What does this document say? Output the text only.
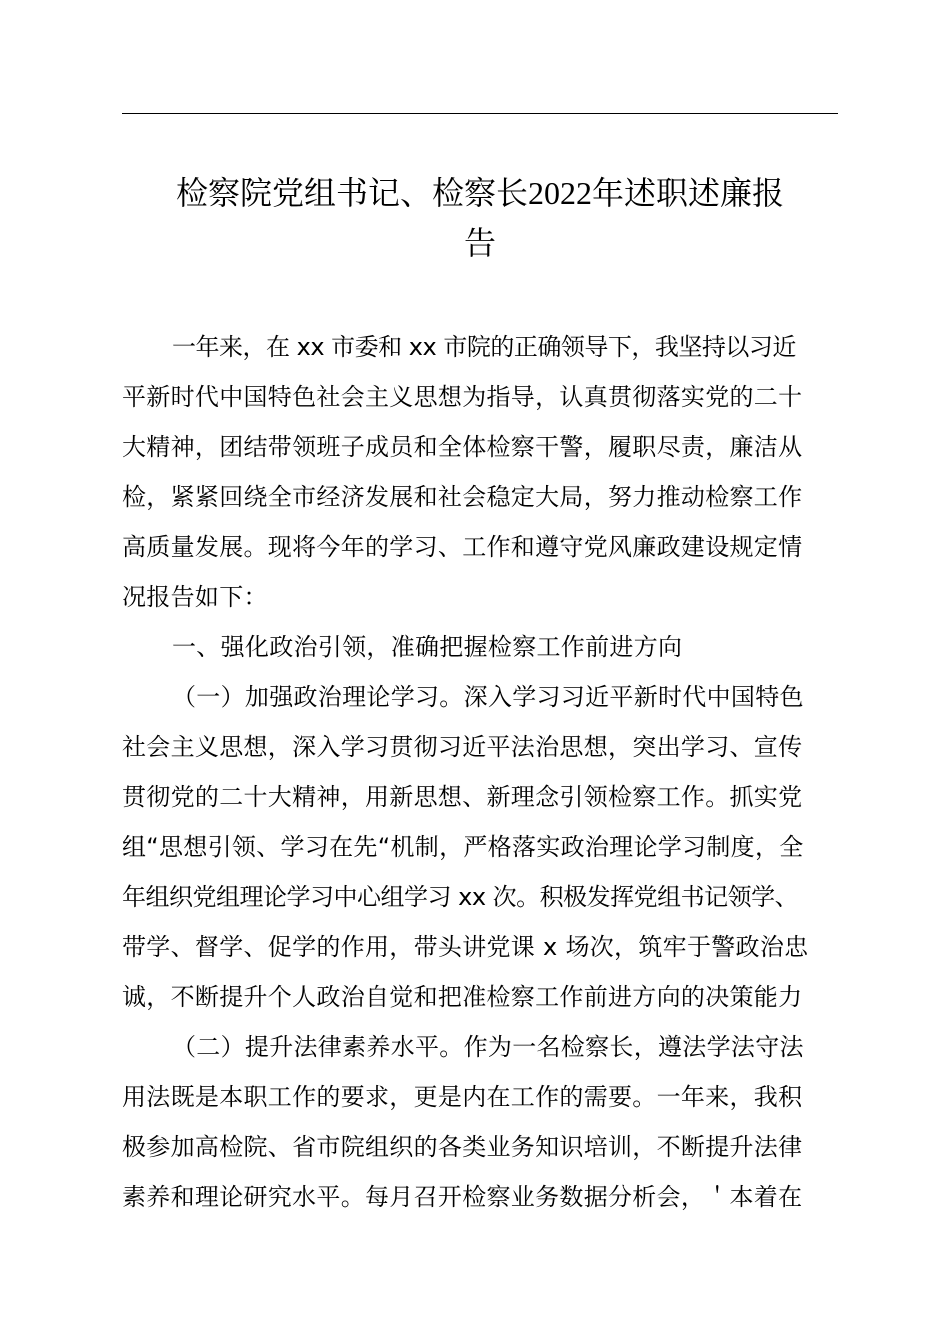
检察院党组书记、检察长2022年述职述廉报
告

一年来，在 xx 市委和 xx 市院的正确领导下，我坚持以习近
平新时代中国特色社会主义思想为指导，认真贯彻落实党的二十
大精神，团结带领班子成员和全体检察干警，履职尽责，廉洁从
检，紧紧回绕全市经济发展和社会稳定大局，努力推动检察工作
高质量发展。现将今年的学习、工作和遵守党风廉政建设规定情
况报告如下：

一、强化政治引领，准确把握检察工作前进方向

（一）加强政治理论学习。深入学习习近平新时代中国特色
社会主义思想，深入学习贯彻习近平法治思想，突出学习、宣传
贯彻党的二十大精神，用新思想、新理念引领检察工作。抓实党
组“思想引领、学习在先“机制，严格落实政治理论学习制度，全
年组织党组理论学习中心组学习 xx 次。积极发挥党组书记领学、
带学、督学、促学的作用，带头讲党课 x 场次，筑牢于警政治忠
诚，不断提升个人政治自觉和把准检察工作前进方向的决策能力

（二）提升法律素养水平。作为一名检察长，遵法学法守法
用法既是本职工作的要求，更是内在工作的需要。一年来，我积
极参加高检院、省市院组织的各类业务知识培训，不断提升法律
素养和理论研究水平。每月召开检察业务数据分析会，＇本着在
